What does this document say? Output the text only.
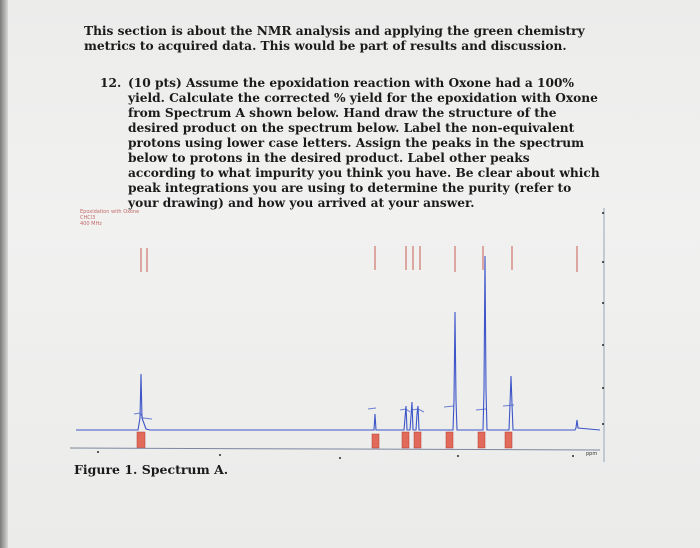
This section is about the NMR analysis and applying the green chemistry metrics to acquired data. This would be part of results and discussion.
12. (10 pts) Assume the epoxidation reaction with Oxone had a 100% yield. Calculate the corrected % yield for the epoxidation with Oxone from Spectrum A shown below. Hand draw the structure of the desired product on the spectrum below. Label the non-equivalent protons using lower case letters. Assign the peaks in the spectrum below to protons in the desired product. Label other peaks according to what impurity you think you have. Be clear about which peak integrations you are using to determine the purity (refer to your drawing) and how you arrived at your answer.
Epoxidation with Oxone
CHCl3
400 MHz
ppm
Figure 1. Spectrum A.
